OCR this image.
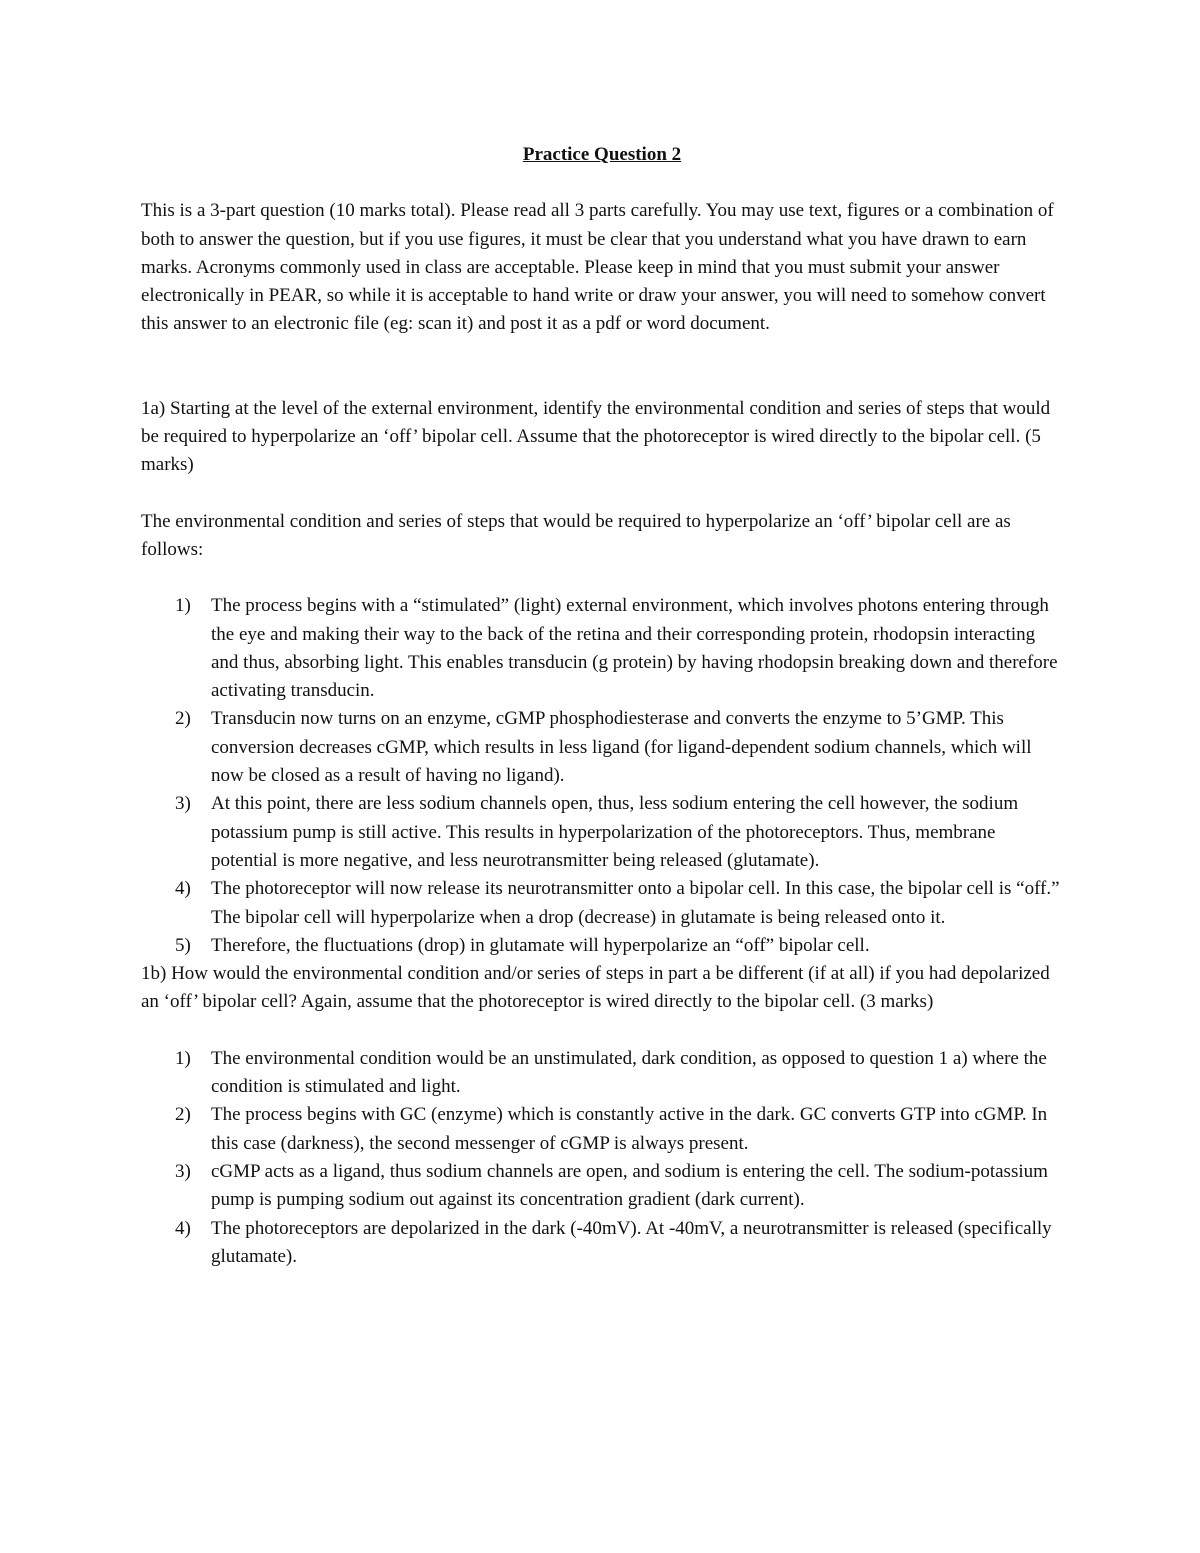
Practice Question 2

This is a 3-part question (10 marks total). Please read all 3 parts carefully. You may use text, figures or a combination of both to answer the question, but if you use figures, it must be clear that you understand what you have drawn to earn marks. Acronyms commonly used in class are acceptable. Please keep in mind that you must submit your answer electronically in PEAR, so while it is acceptable to hand write or draw your answer, you will need to somehow convert this answer to an electronic file (eg: scan it) and post it as a pdf or word document.

1a) Starting at the level of the external environment, identify the environmental condition and series of steps that would be required to hyperpolarize an ‘off’ bipolar cell. Assume that the photoreceptor is wired directly to the bipolar cell. (5 marks)

The environmental condition and series of steps that would be required to hyperpolarize an ‘off’ bipolar cell are as follows:

1) The process begins with a “stimulated” (light) external environment, which involves photons entering through the eye and making their way to the back of the retina and their corresponding protein, rhodopsin interacting and thus, absorbing light. This enables transducin (g protein) by having rhodopsin breaking down and therefore activating transducin.
2) Transducin now turns on an enzyme, cGMP phosphodiesterase and converts the enzyme to 5’GMP. This conversion decreases cGMP, which results in less ligand (for ligand-dependent sodium channels, which will now be closed as a result of having no ligand).
3) At this point, there are less sodium channels open, thus, less sodium entering the cell however, the sodium potassium pump is still active. This results in hyperpolarization of the photoreceptors. Thus, membrane potential is more negative, and less neurotransmitter being released (glutamate).
4) The photoreceptor will now release its neurotransmitter onto a bipolar cell. In this case, the bipolar cell is “off.” The bipolar cell will hyperpolarize when a drop (decrease) in glutamate is being released onto it.
5) Therefore, the fluctuations (drop) in glutamate will hyperpolarize an “off” bipolar cell.

1b) How would the environmental condition and/or series of steps in part a be different (if at all) if you had depolarized an ‘off’ bipolar cell? Again, assume that the photoreceptor is wired directly to the bipolar cell. (3 marks)

1) The environmental condition would be an unstimulated, dark condition, as opposed to question 1 a) where the condition is stimulated and light.
2) The process begins with GC (enzyme) which is constantly active in the dark. GC converts GTP into cGMP. In this case (darkness), the second messenger of cGMP is always present.
3) cGMP acts as a ligand, thus sodium channels are open, and sodium is entering the cell. The sodium-potassium pump is pumping sodium out against its concentration gradient (dark current).
4) The photoreceptors are depolarized in the dark (-40mV). At -40mV, a neurotransmitter is released (specifically glutamate).
